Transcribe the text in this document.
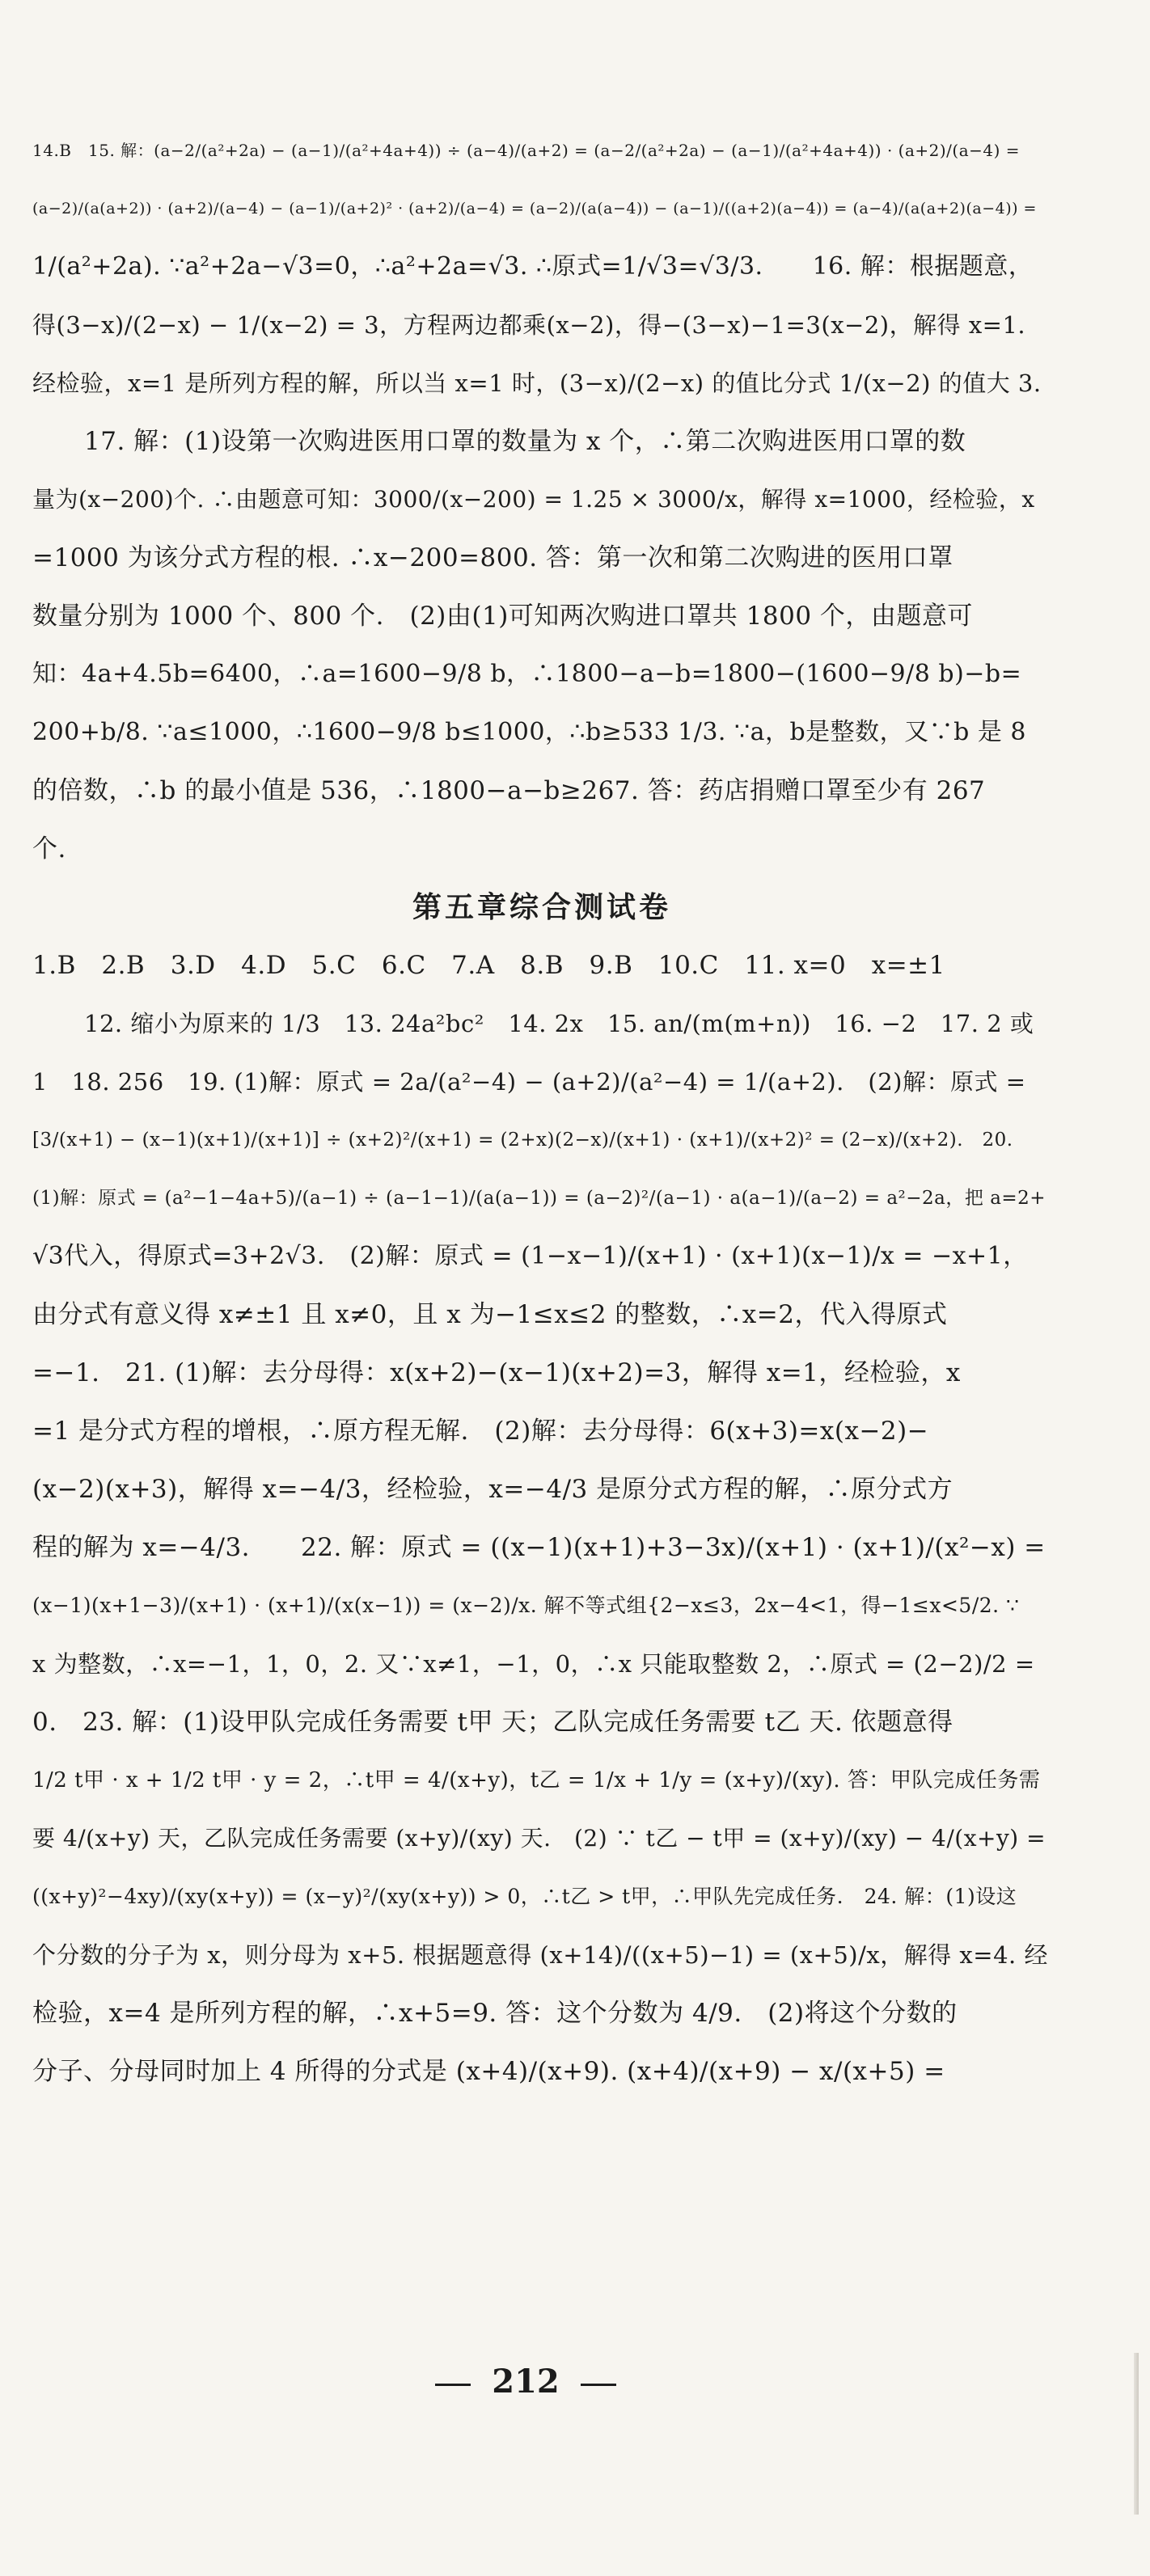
14.B　15. 解：(a−2/(a²+2a) − (a−1)/(a²+4a+4)) ÷ (a−4)/(a+2) = (a−2/(a²+2a) − (a−1)/(a²+4a+4)) · (a+2)/(a−4) =
(a−2)/(a(a+2)) · (a+2)/(a−4) − (a−1)/(a+2)² · (a+2)/(a−4) = (a−2)/(a(a−4)) − (a−1)/((a+2)(a−4)) = (a−4)/(a(a+2)(a−4)) =
1/(a²+2a). ∵a²+2a−√3=0，∴a²+2a=√3. ∴原式=1/√3=√3/3.　　16. 解：根据题意，
得(3−x)/(2−x) − 1/(x−2) = 3，方程两边都乘(x−2)，得−(3−x)−1=3(x−2)，解得 x=1.
经检验，x=1 是所列方程的解，所以当 x=1 时，(3−x)/(2−x) 的值比分式 1/(x−2) 的值大 3.
17. 解：(1)设第一次购进医用口罩的数量为 x 个，∴第二次购进医用口罩的数
量为(x−200)个. ∴由题意可知：3000/(x−200) = 1.25 × 3000/x，解得 x=1000，经检验，x
=1000 为该分式方程的根. ∴x−200=800. 答：第一次和第二次购进的医用口罩
数量分别为 1000 个、800 个.　(2)由(1)可知两次购进口罩共 1800 个，由题意可
知：4a+4.5b=6400，∴a=1600−9/8 b，∴1800−a−b=1800−(1600−9/8 b)−b=
200+b/8. ∵a≤1000，∴1600−9/8 b≤1000，∴b≥533 1/3. ∵a，b是整数，又∵b 是 8
的倍数，∴b 的最小值是 536，∴1800−a−b≥267. 答：药店捐赠口罩至少有 267
个.
第五章综合测试卷
1.B　2.B　3.D　4.D　5.C　6.C　7.A　8.B　9.B　10.C　11. x=0　x=±1
12. 缩小为原来的 1/3　13. 24a²bc²　14. 2x　15. an/(m(m+n))　16. −2　17. 2 或
1　18. 256　19. (1)解：原式 = 2a/(a²−4) − (a+2)/(a²−4) = 1/(a+2).　(2)解：原式 =
[3/(x+1) − (x−1)(x+1)/(x+1)] ÷ (x+2)²/(x+1) = (2+x)(2−x)/(x+1) · (x+1)/(x+2)² = (2−x)/(x+2).　20.
(1)解：原式 = (a²−1−4a+5)/(a−1) ÷ (a−1−1)/(a(a−1)) = (a−2)²/(a−1) · a(a−1)/(a−2) = a²−2a，把 a=2+
√3代入，得原式=3+2√3.　(2)解：原式 = (1−x−1)/(x+1) · (x+1)(x−1)/x = −x+1，
由分式有意义得 x≠±1 且 x≠0，且 x 为−1≤x≤2 的整数，∴x=2，代入得原式
=−1.　21. (1)解：去分母得：x(x+2)−(x−1)(x+2)=3，解得 x=1，经检验，x
=1 是分式方程的增根，∴原方程无解.　(2)解：去分母得：6(x+3)=x(x−2)−
(x−2)(x+3)，解得 x=−4/3，经检验，x=−4/3 是原分式方程的解，∴原分式方
程的解为 x=−4/3.　　22. 解：原式 = ((x−1)(x+1)+3−3x)/(x+1) · (x+1)/(x²−x) =
(x−1)(x+1−3)/(x+1) · (x+1)/(x(x−1)) = (x−2)/x. 解不等式组{2−x≤3，2x−4<1，得−1≤x<5/2. ∵
x 为整数，∴x=−1，1，0，2. 又∵x≠1，−1，0，∴x 只能取整数 2，∴原式 = (2−2)/2 =
0.　23. 解：(1)设甲队完成任务需要 t甲 天；乙队完成任务需要 t乙 天. 依题意得
1/2 t甲 · x + 1/2 t甲 · y = 2，∴t甲 = 4/(x+y)，t乙 = 1/x + 1/y = (x+y)/(xy). 答：甲队完成任务需
要 4/(x+y) 天，乙队完成任务需要 (x+y)/(xy) 天.　(2) ∵ t乙 − t甲 = (x+y)/(xy) − 4/(x+y) =
((x+y)²−4xy)/(xy(x+y)) = (x−y)²/(xy(x+y)) > 0，∴t乙 > t甲，∴甲队先完成任务.　24. 解：(1)设这
个分数的分子为 x，则分母为 x+5. 根据题意得 (x+14)/((x+5)−1) = (x+5)/x，解得 x=4. 经
检验，x=4 是所列方程的解，∴x+5=9. 答：这个分数为 4/9.　(2)将这个分数的
分子、分母同时加上 4 所得的分式是 (x+4)/(x+9). (x+4)/(x+9) − x/(x+5) =
212
